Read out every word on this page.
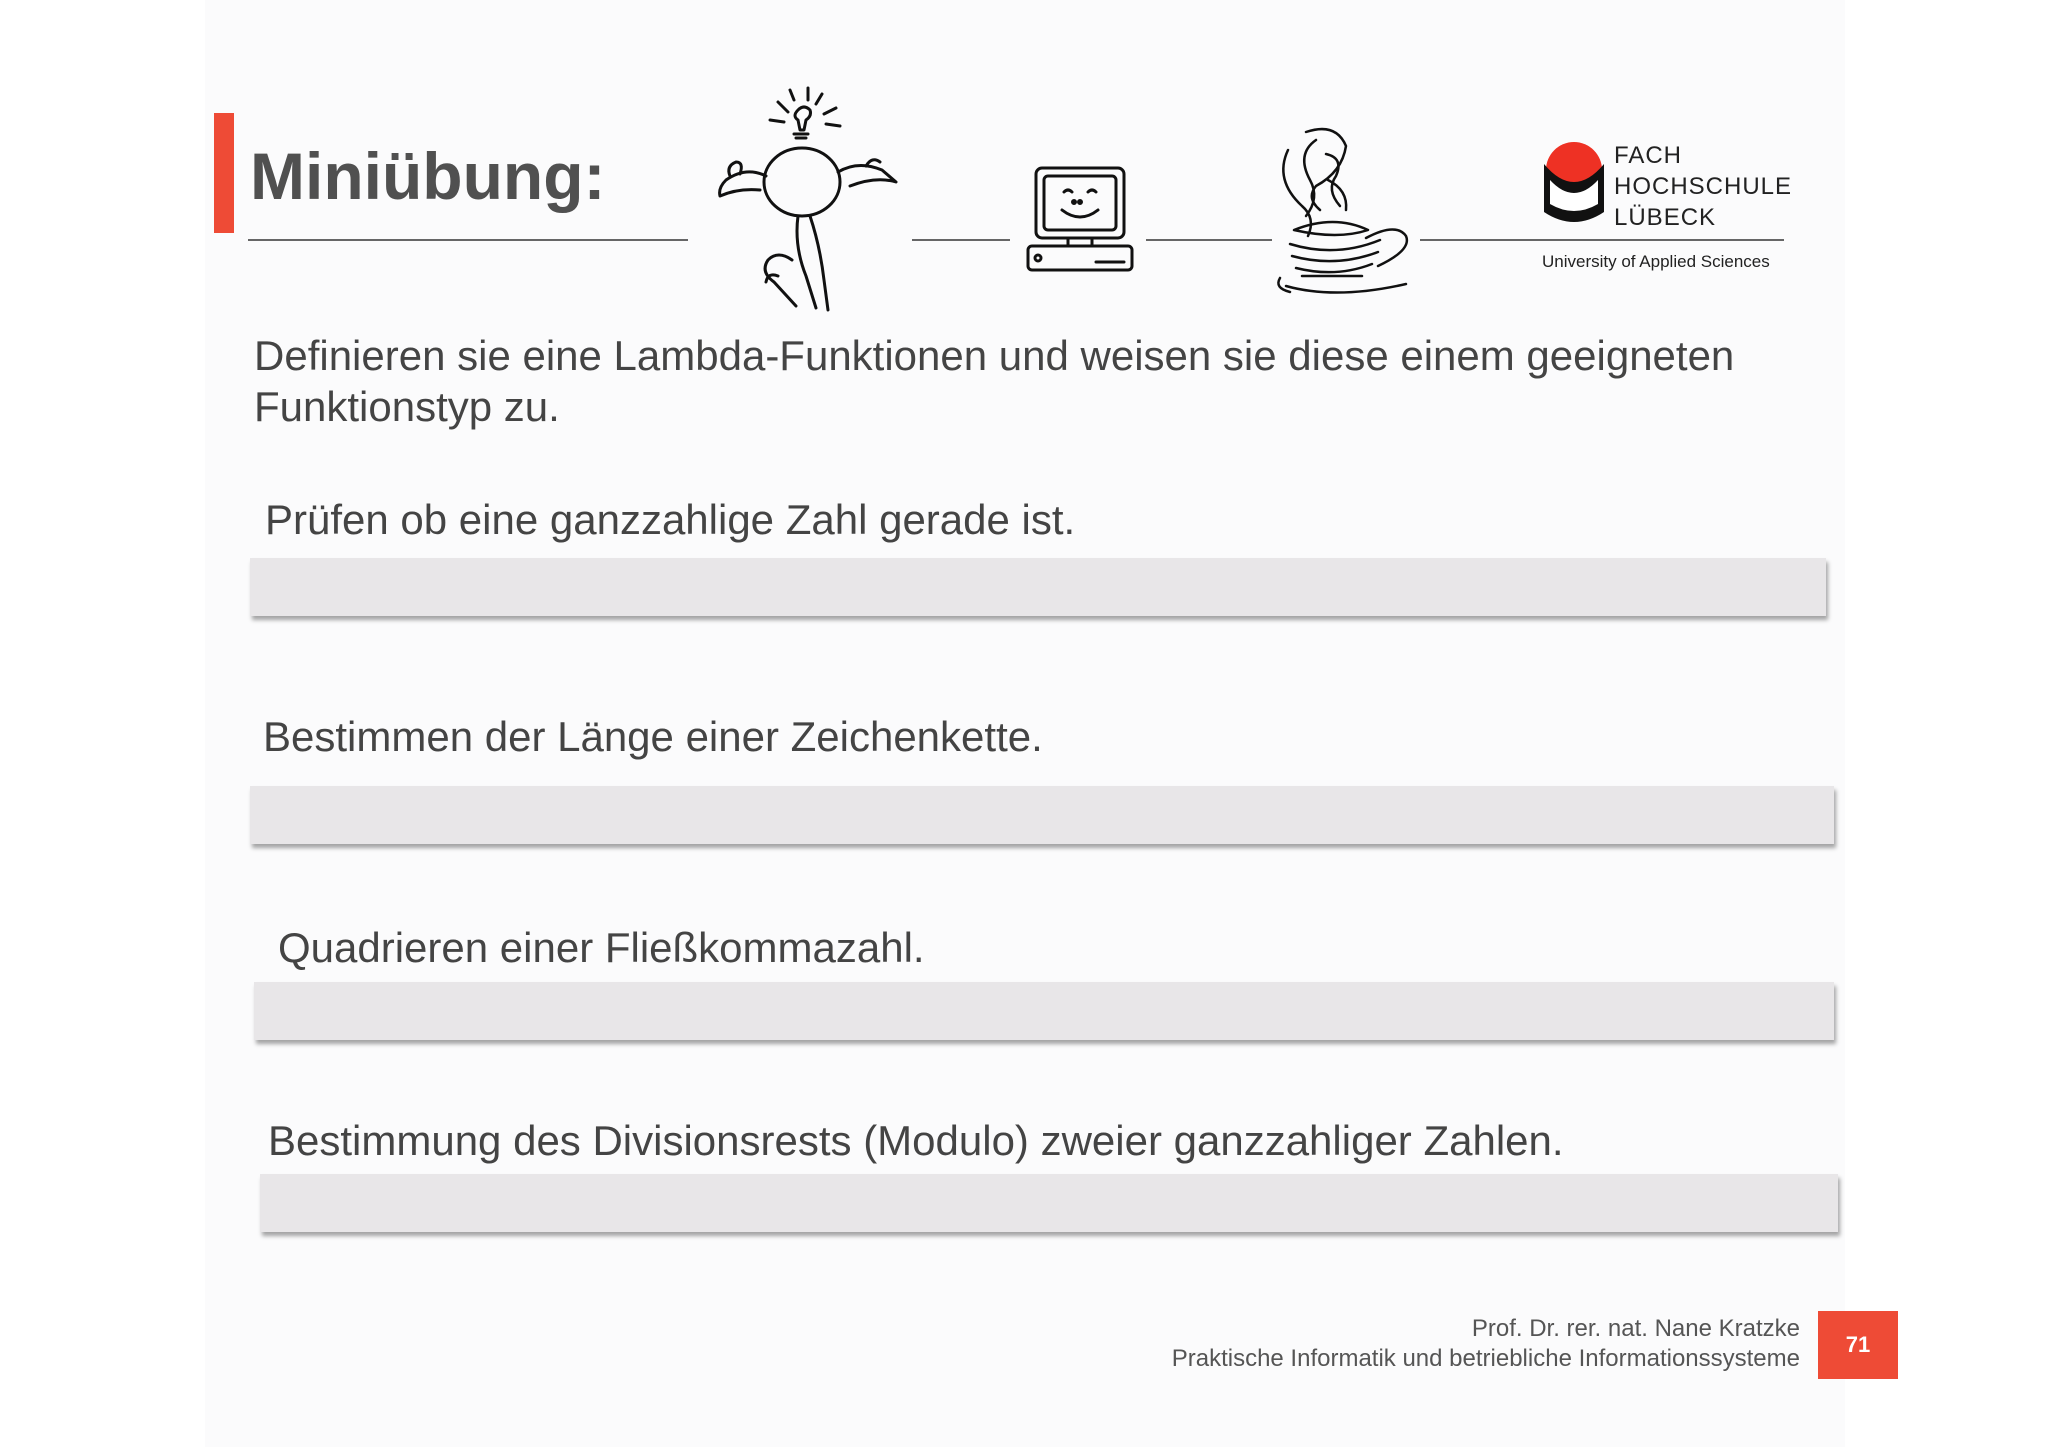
Miniübung:	FACH
HOCHSCHULE
LÜBECK
University of Applied Sciences

Definieren sie eine Lambda-Funktionen und weisen sie diese einem geeigneten Funktionstyp zu.

Prüfen ob eine ganzzahlige Zahl gerade ist.

Bestimmen der Länge einer Zeichenkette.

Quadrieren einer Fließkommazahl.

Bestimmung des Divisionsrests (Modulo) zweier ganzzahliger Zahlen.

Prof. Dr. rer. nat. Nane Kratzke
Praktische Informatik und betriebliche Informationssysteme
71
